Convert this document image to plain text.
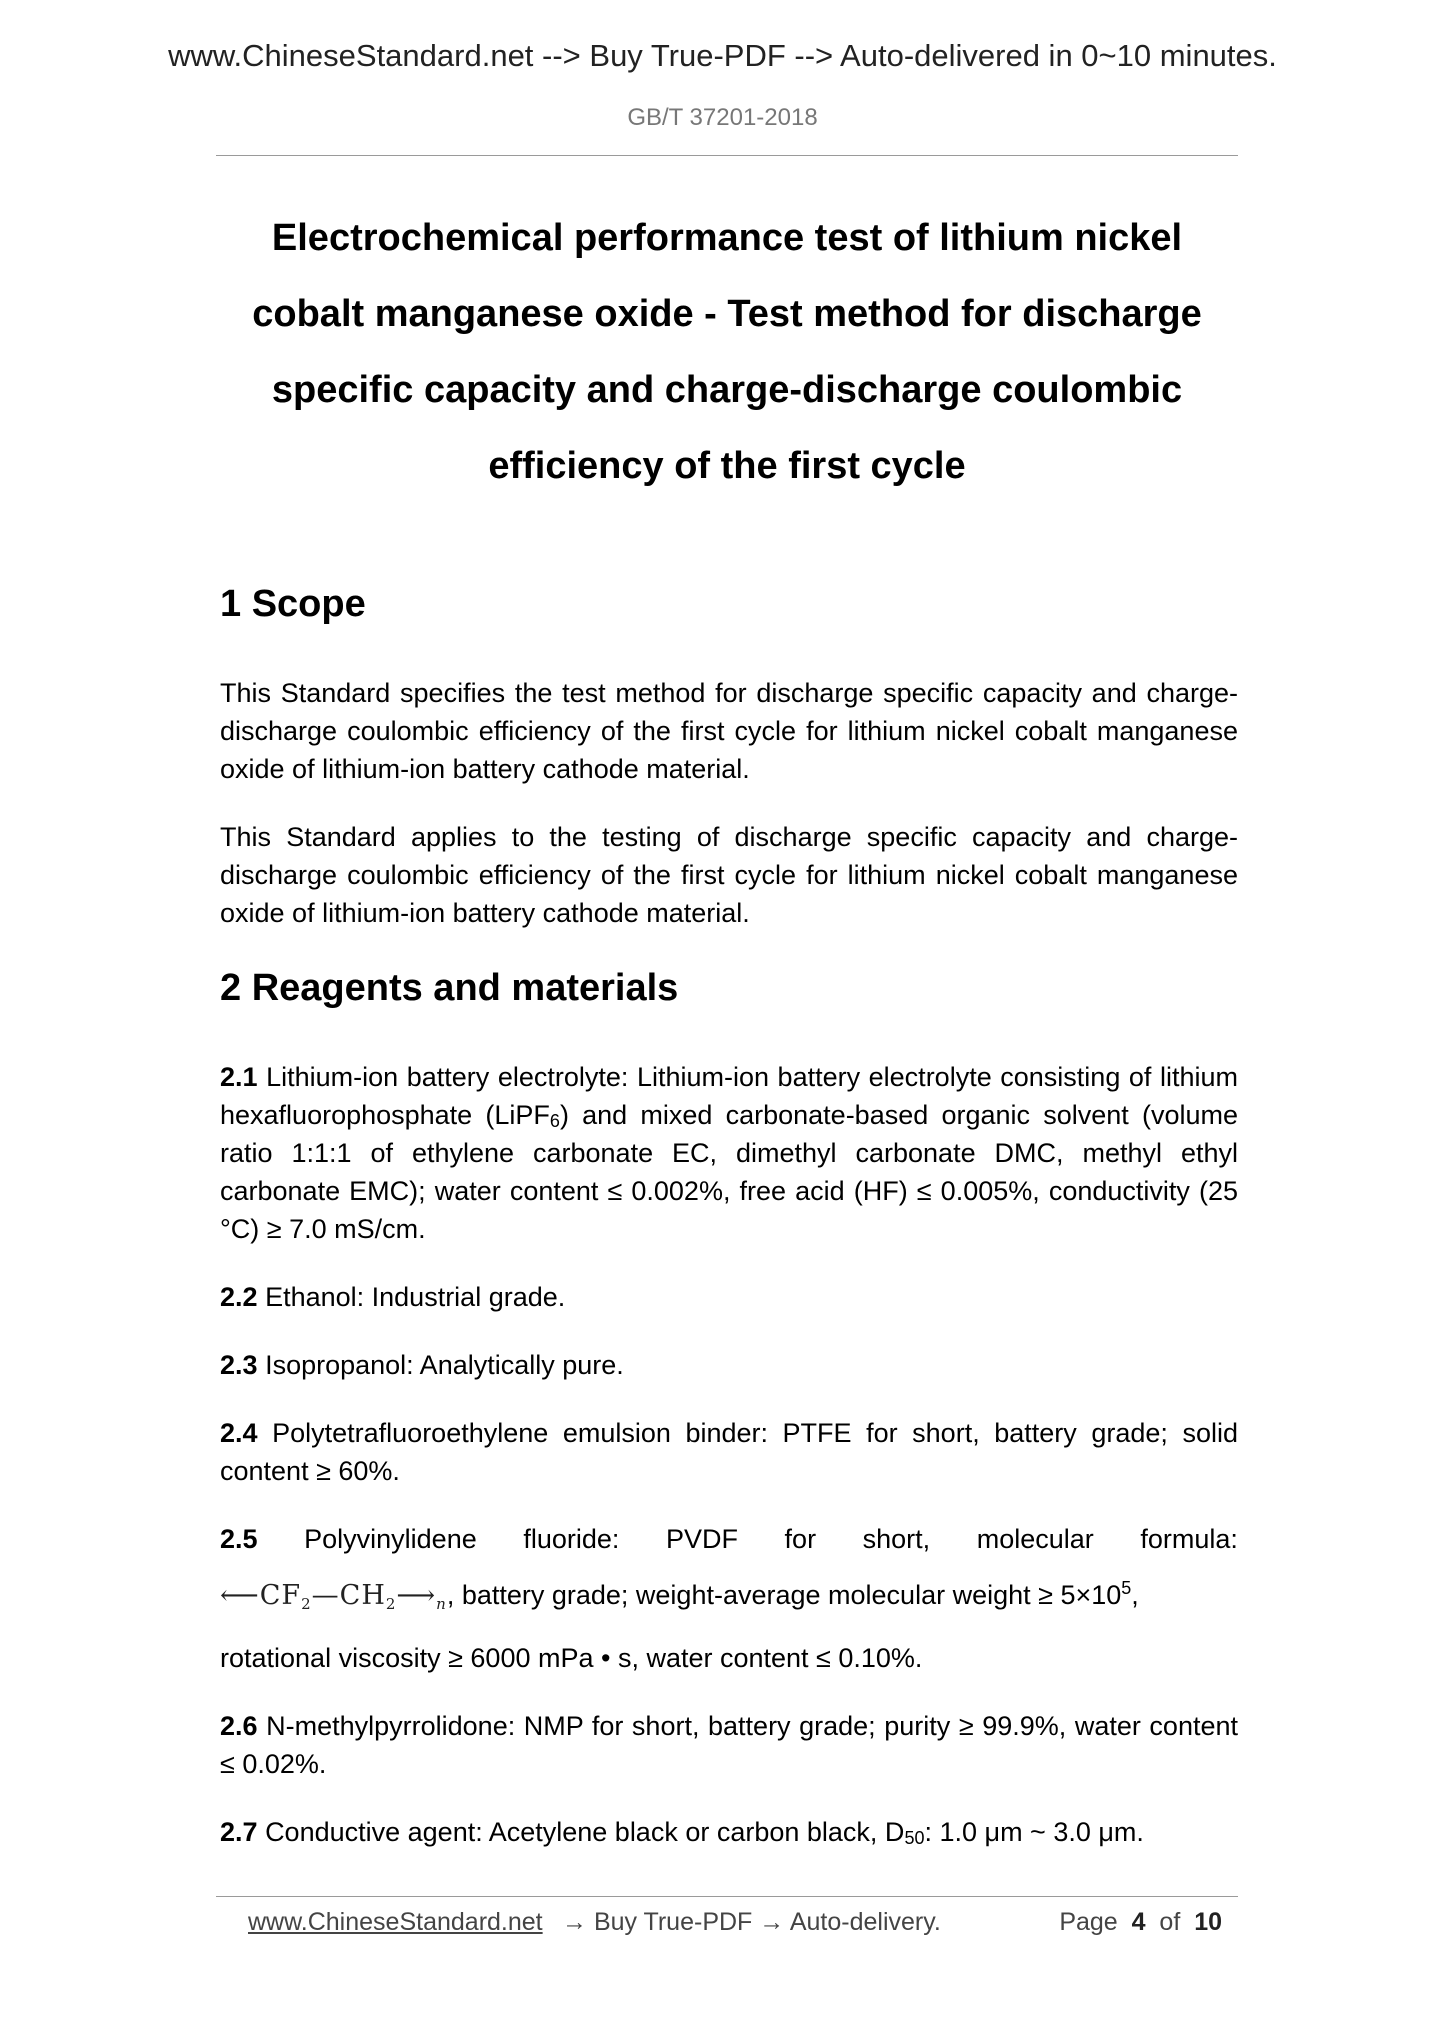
www.ChineseStandard.net --> Buy True-PDF --> Auto-delivered in 0~10 minutes.
GB/T 37201-2018
Electrochemical performance test of lithium nickel
cobalt manganese oxide - Test method for discharge
specific capacity and charge-discharge coulombic
efficiency of the first cycle
1 Scope

This Standard specifies the test method for discharge specific capacity and charge-discharge coulombic efficiency of the first cycle for lithium nickel cobalt manganese oxide of lithium-ion battery cathode material.

This Standard applies to the testing of discharge specific capacity and charge-discharge coulombic efficiency of the first cycle for lithium nickel cobalt manganese oxide of lithium-ion battery cathode material.

2 Reagents and materials

2.1 Lithium-ion battery electrolyte: Lithium-ion battery electrolyte consisting of lithium hexafluorophosphate (LiPF$_6$) and mixed carbonate-based organic solvent (volume ratio 1:1:1 of ethylene carbonate EC, dimethyl carbonate DMC, methyl ethyl carbonate EMC); water content ≤ 0.002%, free acid (HF) ≤ 0.005%, conductivity (25 °C) ≥ 7.0 mS/cm.

2.2 Ethanol: Industrial grade.

2.3 Isopropanol: Analytically pure.

2.4 Polytetrafluoroethylene emulsion binder: PTFE for short, battery grade; solid content ≥ 60%.

2.5 Polyvinylidene fluoride: PVDF for short, molecular formula:
⟵CF2—CH2⟶n, battery grade; weight-average molecular weight ≥ $5\times 10^5$,

rotational viscosity ≥ 6000 mPa • s, water content ≤ 0.10%.

2.6 N-methylpyrrolidone: NMP for short, battery grade; purity ≥ 99.9%, water content ≤ 0.02%.

2.7 Conductive agent: Acetylene black or carbon black, $D_{50}$: 1.0 μm ~ 3.0 μm.

www.ChineseStandard.net → Buy True-PDF → Auto-delivery.	Page 4 of 10
